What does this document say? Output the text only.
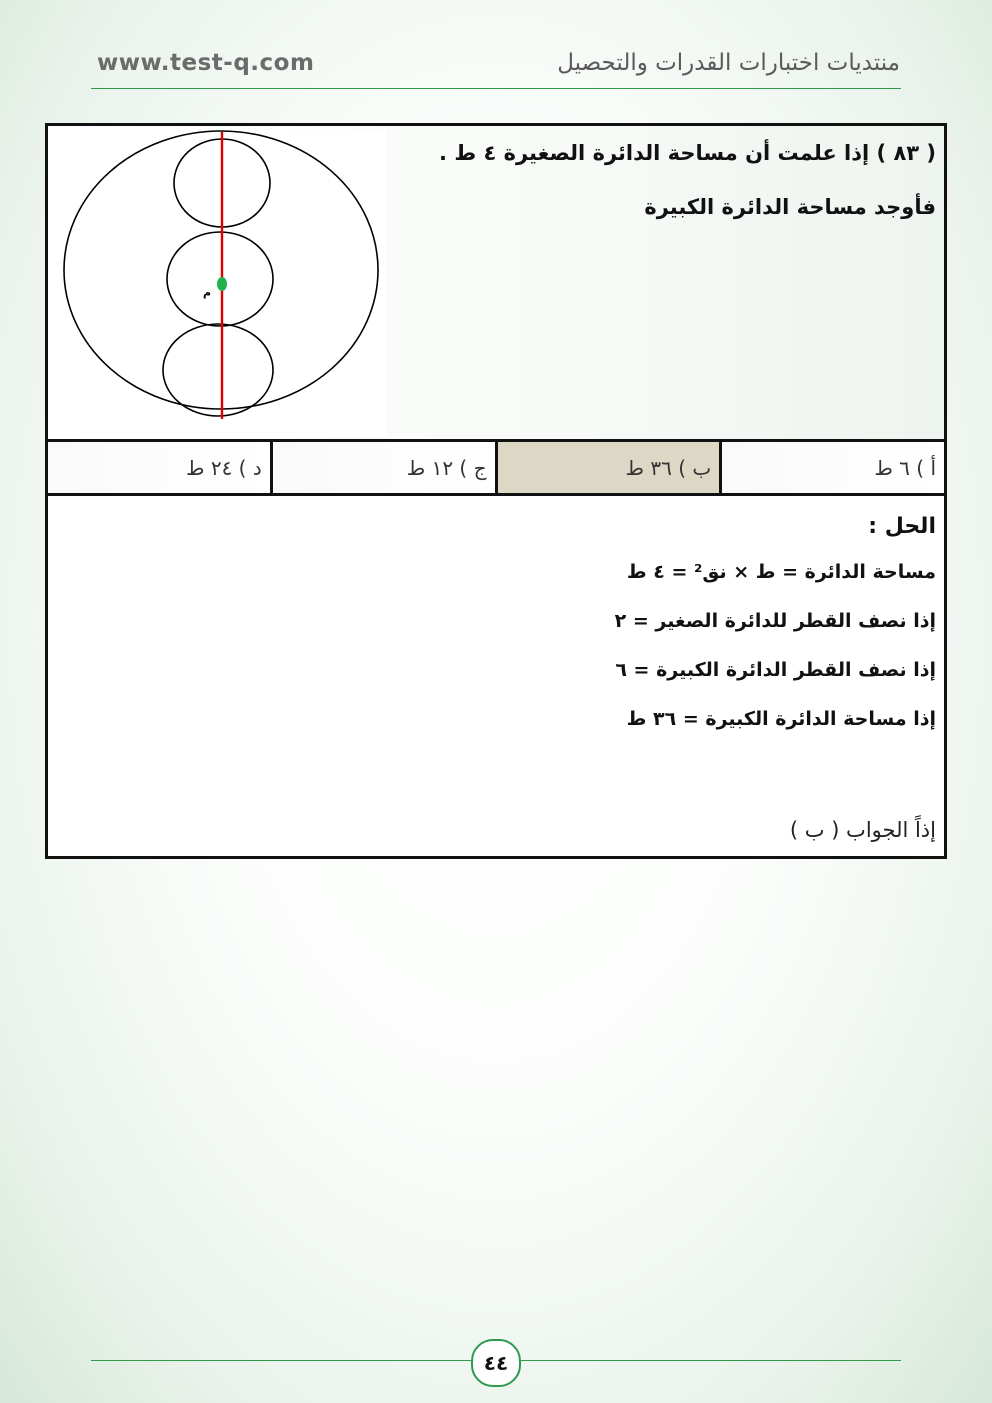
www.test-q.com	منتديات اختبارات القدرات والتحصيل
م

( ٨٣ ) إذا علمت أن مساحة الدائرة الصغيرة ٤ ط .

فأوجد مساحة الدائرة الكبيرة

أ ) ٦ ط
ب ) ٣٦ ط
ج ) ١٢ ط
د ) ٢٤ ط
الحل :
مساحة الدائرة = ط × نق² = ٤ ط
إذا نصف القطر للدائرة الصغير = ٢
إذا نصف القطر الدائرة الكبيرة = ٦
إذا مساحة الدائرة الكبيرة = ٣٦ ط
إذاً الجواب ( ب )
٤٤
